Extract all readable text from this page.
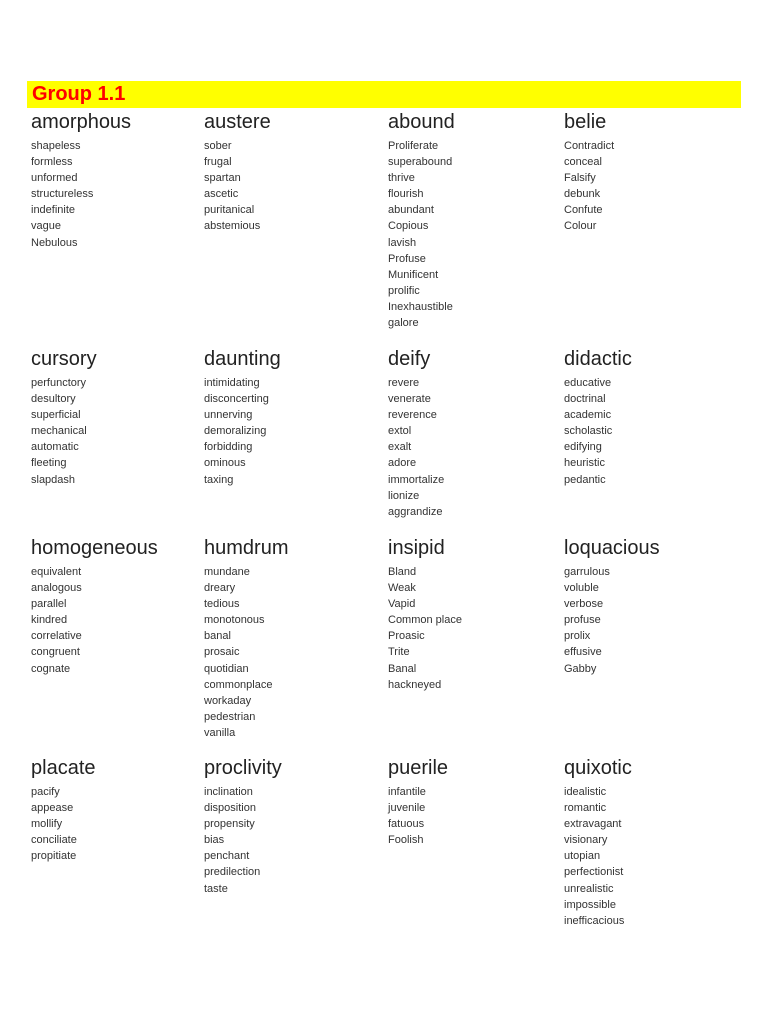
Group 1.1
amorphous
shapeless
formless
unformed
structureless
indefinite
vague
Nebulous
austere
sober
frugal
spartan
ascetic
puritanical
abstemious
abound
Proliferate
superabound
thrive
flourish
abundant
Copious
lavish
Profuse
Munificent
prolific
Inexhaustible
galore
belie
Contradict
conceal
Falsify
debunk
Confute
Colour
cursory
perfunctory
desultory
superficial
mechanical
automatic
fleeting
slapdash
daunting
intimidating
disconcerting
unnerving
demoralizing
forbidding
ominous
taxing
deify
revere
venerate
reverence
extol
exalt
adore
immortalize
lionize
aggrandize
didactic
educative
doctrinal
academic
scholastic
edifying
heuristic
pedantic
homogeneous
equivalent
analogous
parallel
kindred
correlative
congruent
cognate
humdrum
mundane
dreary
tedious
monotonous
banal
prosaic
quotidian
commonplace
workaday
pedestrian
vanilla
insipid
Bland
Weak
Vapid
Common place
Proasic
Trite
Banal
hackneyed
loquacious
garrulous
voluble
verbose
profuse
prolix
effusive
Gabby
placate
pacify
appease
mollify
conciliate
propitiate
proclivity
inclination
disposition
propensity
bias
penchant
predilection
taste
puerile
infantile
juvenile
fatuous
Foolish
quixotic
idealistic
romantic
extravagant
visionary
utopian
perfectionist
unrealistic
impossible
inefficacious
